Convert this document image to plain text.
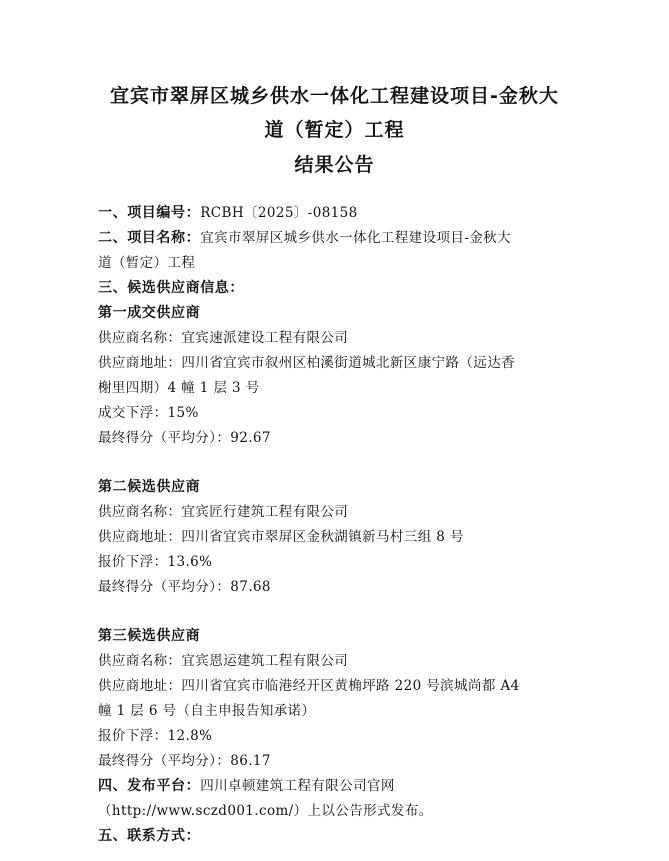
宜宾市翠屏区城乡供水一体化工程建设项目-金秋大
道（暂定）工程
结果公告
一、项目编号：RCBH〔2025〕-08158
二、项目名称：宜宾市翠屏区城乡供水一体化工程建设项目-金秋大
道（暂定）工程
三、候选供应商信息：
第一成交供应商
供应商名称：宜宾速派建设工程有限公司
供应商地址：四川省宜宾市叙州区柏溪街道城北新区康宁路（远达香
榭里四期）4 幢 1 层 3 号
成交下浮：15%
最终得分（平均分）：92.67
第二候选供应商
供应商名称：宜宾匠行建筑工程有限公司
供应商地址：四川省宜宾市翠屏区金秋湖镇新马村三组 8 号
报价下浮：13.6%
最终得分（平均分）：87.68
第三候选供应商
供应商名称：宜宾恩运建筑工程有限公司
供应商地址：四川省宜宾市临港经开区黄桷坪路 220 号滨城尚都 A4
幢 1 层 6 号（自主申报告知承诺）
报价下浮：12.8%
最终得分（平均分）：86.17
四、发布平台：四川卓顿建筑工程有限公司官网
（http://www.sczd001.com/）上以公告形式发布。
五、联系方式：
